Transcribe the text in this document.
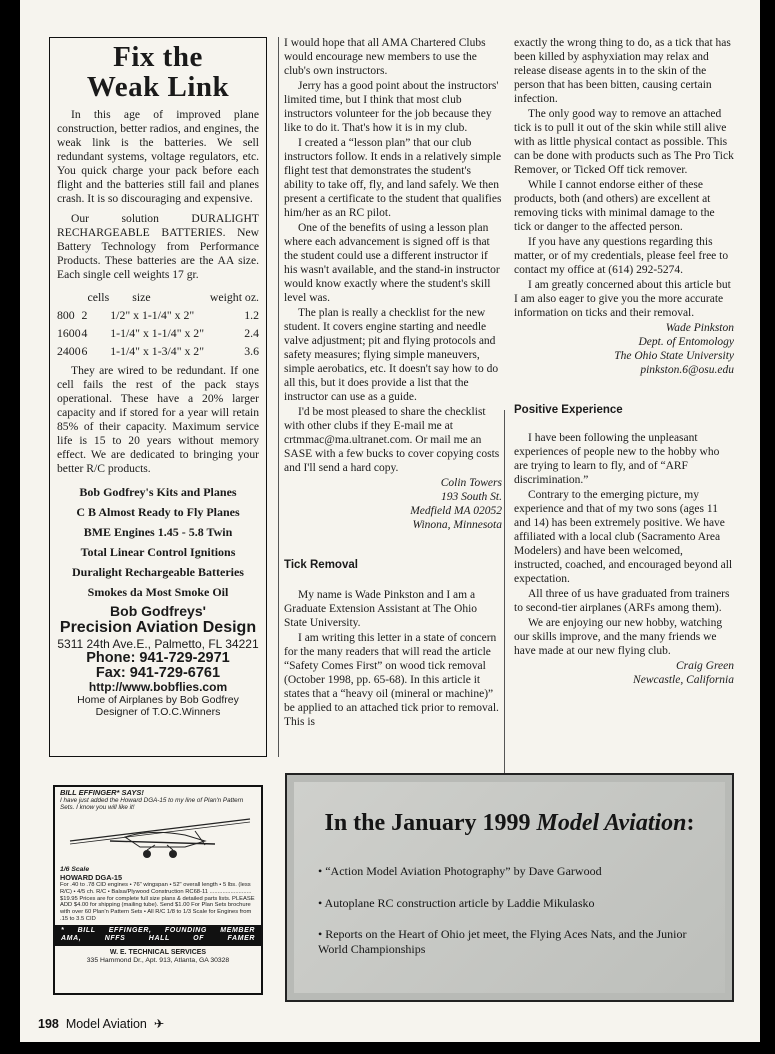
Fix the
Weak Link
In this age of improved plane construction, better radios, and engines, the weak link is the batteries. We sell redundant systems, voltage regulators, etc. You quick charge your pack before each flight and the batteries still fail and planes crash. It is so discouraging and expensive.
Our solution DURALIGHT RECHARGEABLE BATTERIES. New Battery Technology from Performance Products. These batteries are the AA size. Each single cell weights 17 gr.
	cells	size	weight oz.
800	2	1/2" x 1-1/4" x 2"	1.2
1600	4	1-1/4" x 1-1/4" x 2"	2.4
2400	6	1-1/4" x 1-3/4" x 2"	3.6
They are wired to be redundant. If one cell fails the rest of the pack stays operational. These have a 20% larger capacity and if stored for a year will retain 85% of their capacity. Maximum service life is 15 to 20 years without memory effect. We are dedicated to bringing your better R/C products.
Bob Godfrey's Kits and Planes
C B Almost Ready to Fly Planes
BME Engines 1.45 - 5.8 Twin
Total Linear Control Ignitions
Duralight Rechargeable Batteries
Smokes da Most Smoke Oil
Bob Godfreys'
Precision Aviation Design
5311 24th Ave.E., Palmetto, FL 34221
Phone: 941-729-2971
Fax: 941-729-6761
http://www.bobflies.com
Home of Airplanes by Bob Godfrey
Designer of T.O.C.Winners

I would hope that all AMA Chartered Clubs would encourage new members to use the club's own instructors.

Jerry has a good point about the instructors' limited time, but I think that most club instructors volunteer for the job because they like to do it. That's how it is in my club.

I created a “lesson plan” that our club instructors follow. It ends in a relatively simple flight test that demonstrates the student's ability to take off, fly, and land safely. We then present a certificate to the student that qualifies him/her as an RC pilot.

One of the benefits of using a lesson plan where each advancement is signed off is that the student could use a different instructor if his wasn't available, and the stand-in instructor would know exactly where the student's skill level was.

The plan is really a checklist for the new student. It covers engine starting and needle valve adjustment; pit and flying protocols and safety measures; flying simple maneuvers, simple aerobatics, etc. It doesn't say how to do all this, but it does provide a list that the instructor can use as a guide.

I'd be most pleased to share the checklist with other clubs if they E-mail me at crtmmac@ma.ultranet.com. Or mail me an SASE with a few bucks to cover copying costs and I'll send a hard copy.

Colin Towers
193 South St.
Medfield MA 02052
Winona, Minnesota
Tick Removal

My name is Wade Pinkston and I am a Graduate Extension Assistant at The Ohio State University.

I am writing this letter in a state of concern for the many readers that will read the article “Safety Comes First” on wood tick removal (October 1998, pp. 65-68). In this article it states that a “heavy oil (mineral or machine)” be applied to an attached tick prior to removal. This is

exactly the wrong thing to do, as a tick that has been killed by asphyxiation may relax and release disease agents in to the skin of the person that has been bitten, causing certain infection.

The only good way to remove an attached tick is to pull it out of the skin while still alive with as little physical contact as possible. This can be done with products such as The Pro Tick Remover, or Ticked Off tick remover.

While I cannot endorse either of these products, both (and others) are excellent at removing ticks with minimal damage to the tick or danger to the affected person.

If you have any questions regarding this matter, or of my credentials, please feel free to contact my office at (614) 292-5274.

I am greatly concerned about this article but I am also eager to give you the more accurate information on ticks and their removal.

Wade Pinkston
Dept. of Entomology
The Ohio State University
pinkston.6@osu.edu
Positive Experience

I have been following the unpleasant experiences of people new to the hobby who are trying to learn to fly, and of “ARF discrimination.”

Contrary to the emerging picture, my experience and that of my two sons (ages 11 and 14) has been extremely positive. We have affiliated with a local club (Sacramento Area Modelers) and have been welcomed, instructed, coached, and encouraged beyond all expectation.

All three of us have graduated from trainers to second-tier airplanes (ARFs among them).

We are enjoying our new hobby, watching our skills improve, and the many friends we have made at our new flying club.

Craig Green
Newcastle, California
BILL EFFINGER* SAYS!
I have just added the Howard DGA-15 to my line of Plan'n Pattern Sets. I know you will like it!
1/6 Scale
HOWARD DGA-15
For .40 to .78 CID engines • 76" wingspan • 52" overall length • 5 lbs. (less R/C) • 4/5 ch. R/C • Balsa/Plywood Construction RC68-11 .......................... $19.95 Prices are for complete full size plans & detailed parts lists. PLEASE ADD $4.00 for shipping (mailing tube). Send $1.00 For Plan Sets brochure with over 60 Plan'n Pattern Sets • All R/C 1/8 to 1/3 Scale for Engines from .15 to 3.5 CID
* BILL EFFINGER, FOUNDING MEMBER
AMA, NFFS HALL OF FAMER
W. E. TECHNICAL SERVICES
335 Hammond Dr., Apt. 913, Atlanta, GA 30328
In the January 1999 Model Aviation:
• “Action Model Aviation Photography” by Dave Garwood
• Autoplane RC construction article by Laddie Mikulasko
• Reports on the Heart of Ohio jet meet, the Flying Aces Nats, and the Junior World Championships
198 Model Aviation  ✈
